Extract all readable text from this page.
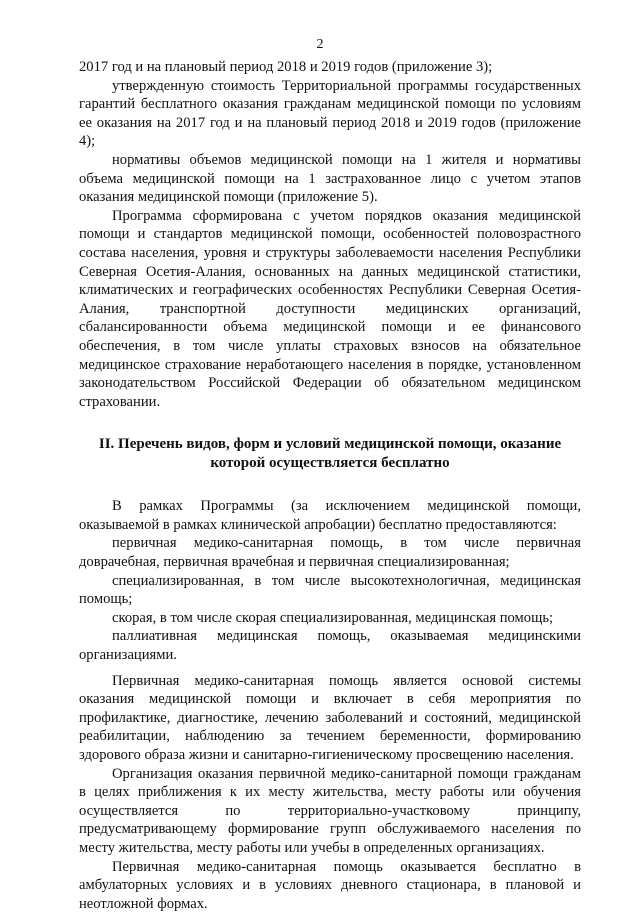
2

2017 год и на плановый период 2018 и 2019 годов (приложение 3);

утвержденную стоимость Территориальной программы государственных гарантий бесплатного оказания гражданам медицинской помощи по условиям ее оказания на 2017 год и на плановый период 2018 и 2019 годов (приложение 4);

нормативы объемов медицинской помощи на 1 жителя и нормативы объема медицинской помощи на 1 застрахованное лицо с учетом этапов оказания медицинской помощи (приложение 5).

Программа сформирована с учетом порядков оказания медицинской помощи и стандартов медицинской помощи, особенностей половозрастного состава населения, уровня и структуры заболеваемости населения Республики Северная Осетия-Алания, основанных на данных медицинской статистики, климатических и географических особенностях Республики Северная Осетия-Алания, транспортной доступности медицинских организаций, сбалансированности объема медицинской помощи и ее финансового обеспечения, в том числе уплаты страховых взносов на обязательное медицинское страхование неработающего населения в порядке, установленном законодательством Российской Федерации об обязательном медицинском страховании.

II. Перечень видов, форм и условий медицинской помощи, оказание
которой осуществляется бесплатно

В рамках Программы (за исключением медицинской помощи, оказываемой в рамках клинической апробации) бесплатно предоставляются:

первичная медико-санитарная помощь, в том числе первичная доврачебная, первичная врачебная и первичная специализированная;

специализированная, в том числе высокотехнологичная, медицинская помощь;

скорая, в том числе скорая специализированная, медицинская помощь;

паллиативная медицинская помощь, оказываемая медицинскими организациями.

Первичная медико-санитарная помощь является основой системы оказания медицинской помощи и включает в себя мероприятия по профилактике, диагностике, лечению заболеваний и состояний, медицинской реабилитации, наблюдению за течением беременности, формированию здорового образа жизни и санитарно-гигиеническому просвещению населения.

Организация оказания первичной медико-санитарной помощи гражданам в целях приближения к их месту жительства, месту работы или обучения осуществляется по территориально-участковому принципу, предусматривающему формирование групп обслуживаемого населения по месту жительства, месту работы или учебы в определенных организациях.

Первичная медико-санитарная помощь оказывается бесплатно в амбулаторных условиях и в условиях дневного стационара, в плановой и неотложной формах.
